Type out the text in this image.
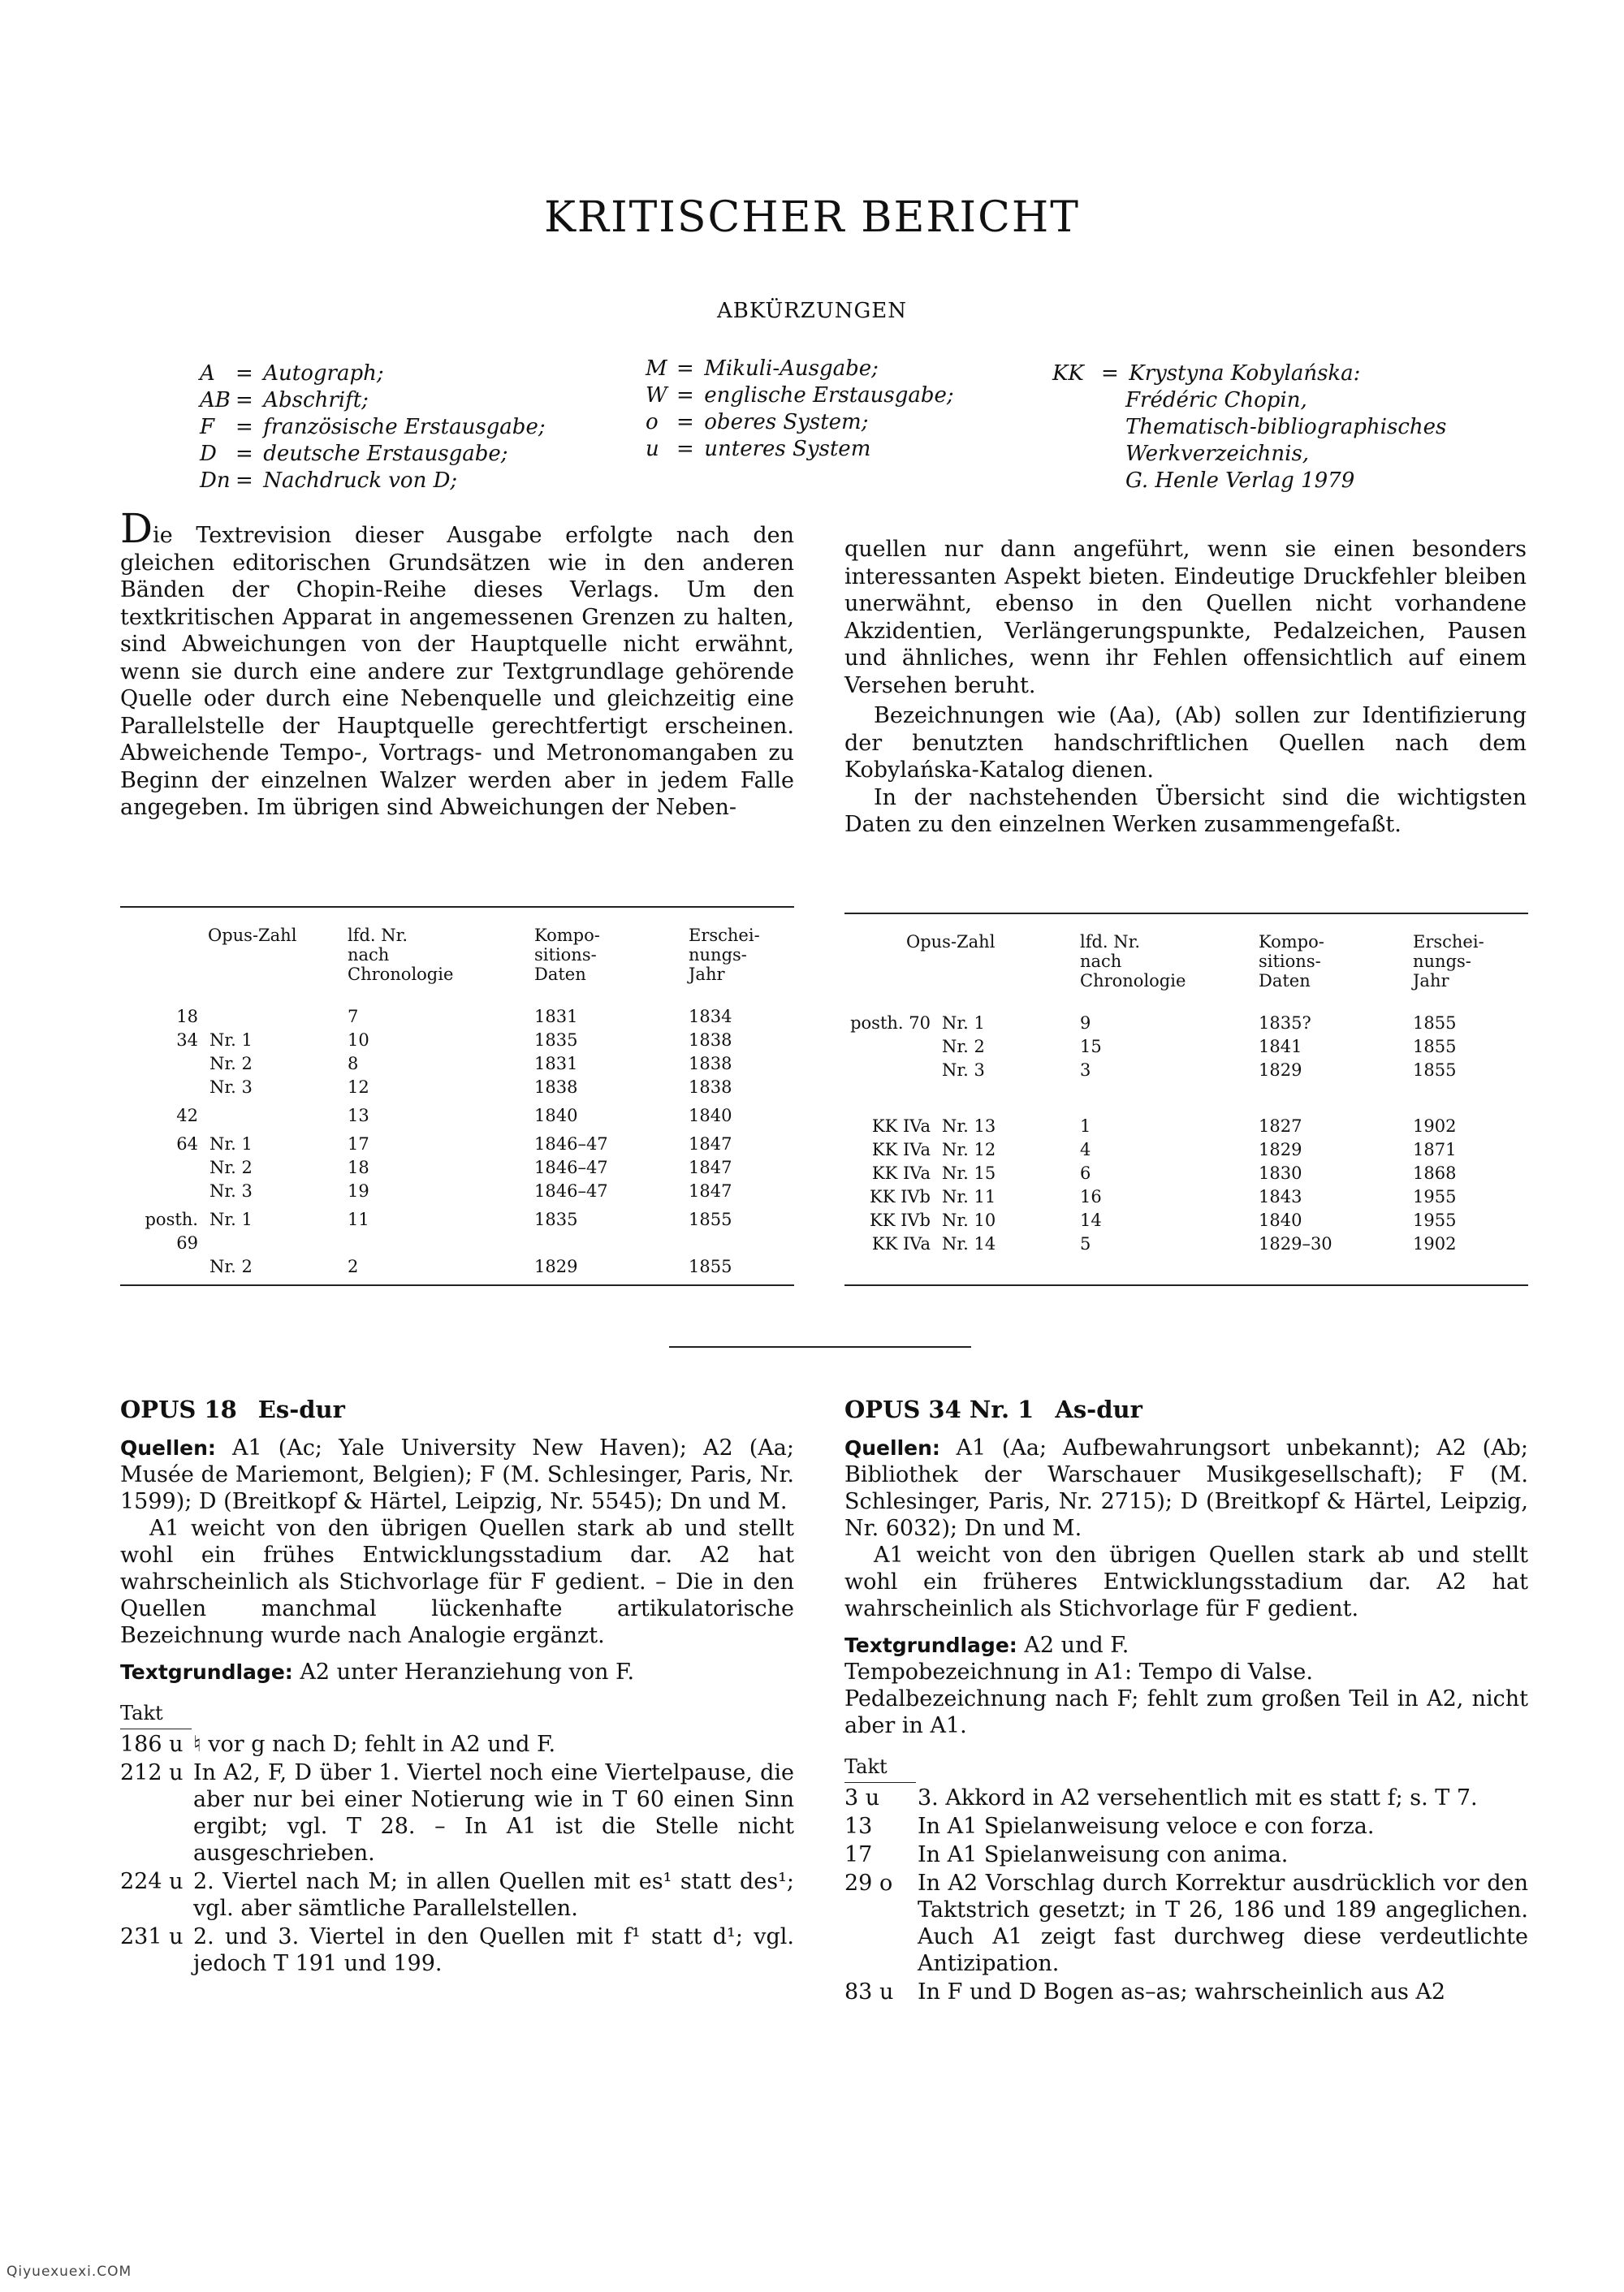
KRITISCHER BERICHT
ABKÜRZUNGEN
A = Autograph;
AB = Abschrift;
F = französische Erstausgabe;
D = deutsche Erstausgabe;
Dn = Nachdruck von D;
M = Mikuli-Ausgabe;
W = englische Erstausgabe;
o = oberes System;
u = unteres System
KK = Krystyna Kobylańska:
Frédéric Chopin,
Thematisch-bibliographisches
Werkverzeichnis,
G. Henle Verlag 1979

Die Textrevision dieser Ausgabe erfolgte nach den gleichen editorischen Grundsätzen wie in den anderen Bänden der Chopin-Reihe dieses Verlags. Um den textkritischen Apparat in angemessenen Grenzen zu halten, sind Abweichungen von der Hauptquelle nicht erwähnt, wenn sie durch eine andere zur Textgrundlage gehörende Quelle oder durch eine Nebenquelle und gleichzeitig eine Parallelstelle der Hauptquelle gerechtfertigt erscheinen. Abweichende Tempo-, Vortrags- und Metronomangaben zu Beginn der einzelnen Walzer werden aber in jedem Falle angegeben. Im übrigen sind Abweichungen der Neben-

quellen nur dann angeführt, wenn sie einen besonders interessanten Aspekt bieten. Eindeutige Druckfehler bleiben unerwähnt, ebenso in den Quellen nicht vorhandene Akzidentien, Verlängerungspunkte, Pedalzeichen, Pausen und ähnliches, wenn ihr Fehlen offensichtlich auf einem Versehen beruht.

Bezeichnungen wie (Aa), (Ab) sollen zur Identifizierung der benutzten handschriftlichen Quellen nach dem Kobylańska-Katalog dienen.

In der nachstehenden Übersicht sind die wichtigsten Daten zu den einzelnen Werken zusammengefaßt.

Opus-Zahl		lfd. Nr.
nach
Chronologie	Kompo-
sitions-
Daten	Erschei-
nungs-
Jahr

18		7	1831	1834
34	Nr. 1	10	1835	1838
	Nr. 2	8	1831	1838
	Nr. 3	12	1838	1838
42		13	1840	1840
64	Nr. 1	17	1846–47	1847
	Nr. 2	18	1846–47	1847
	Nr. 3	19	1846–47	1847
posth. 69	Nr. 1	11	1835	1855
	Nr. 2	2	1829	1855
Opus-Zahl		lfd. Nr.
nach
Chronologie	Kompo-
sitions-
Daten	Erschei-
nungs-
Jahr

posth. 70	Nr. 1	9	1835?	1855
	Nr. 2	15	1841	1855
	Nr. 3	3	1829	1855
KK IVa	Nr. 13	1	1827	1902
KK IVa	Nr. 12	4	1829	1871
KK IVa	Nr. 15	6	1830	1868
KK IVb	Nr. 11	16	1843	1955
KK IVb	Nr. 10	14	1840	1955
KK IVa	Nr. 14	5	1829–30	1902
OPUS 18 Es-dur

Quellen: A1 (Ac; Yale University New Haven); A2 (Aa; Musée de Mariemont, Belgien); F (M. Schlesinger, Paris, Nr. 1599); D (Breitkopf & Härtel, Leipzig, Nr. 5545); Dn und M.

A1 weicht von den übrigen Quellen stark ab und stellt wohl ein frühes Entwicklungsstadium dar. A2 hat wahrscheinlich als Stichvorlage für F gedient. – Die in den Quellen manchmal lückenhafte artikulatorische Bezeichnung wurde nach Analogie ergänzt.

Textgrundlage: A2 unter Heranziehung von F.

Takt
186 u ♮ vor g nach D; fehlt in A2 und F.
212 u In A2, F, D über 1. Viertel noch eine Viertelpause, die aber nur bei einer Notierung wie in T 60 einen Sinn ergibt; vgl. T 28. – In A1 ist die Stelle nicht ausgeschrieben.
224 u 2. Viertel nach M; in allen Quellen mit es¹ statt des¹; vgl. aber sämtliche Parallelstellen.
231 u 2. und 3. Viertel in den Quellen mit f¹ statt d¹; vgl. jedoch T 191 und 199.
OPUS 34 Nr. 1 As-dur

Quellen: A1 (Aa; Aufbewahrungsort unbekannt); A2 (Ab; Bibliothek der Warschauer Musikgesellschaft); F (M. Schlesinger, Paris, Nr. 2715); D (Breitkopf & Härtel, Leipzig, Nr. 6032); Dn und M.

A1 weicht von den übrigen Quellen stark ab und stellt wohl ein früheres Entwicklungsstadium dar. A2 hat wahrscheinlich als Stichvorlage für F gedient.

Textgrundlage: A2 und F.

Tempobezeichnung in A1: Tempo di Valse.

Pedalbezeichnung nach F; fehlt zum großen Teil in A2, nicht aber in A1.

Takt
3 u	3. Akkord in A2 versehentlich mit es statt f; s. T 7.
13	In A1 Spielanweisung veloce e con forza.
17	In A1 Spielanweisung con anima.
29 o	In A2 Vorschlag durch Korrektur ausdrücklich vor den Taktstrich gesetzt; in T 26, 186 und 189 angeglichen. Auch A1 zeigt fast durchweg diese verdeutlichte Antizipation.
83 u	In F und D Bogen as–as; wahrscheinlich aus A2
Qiyuexuexi.COM
